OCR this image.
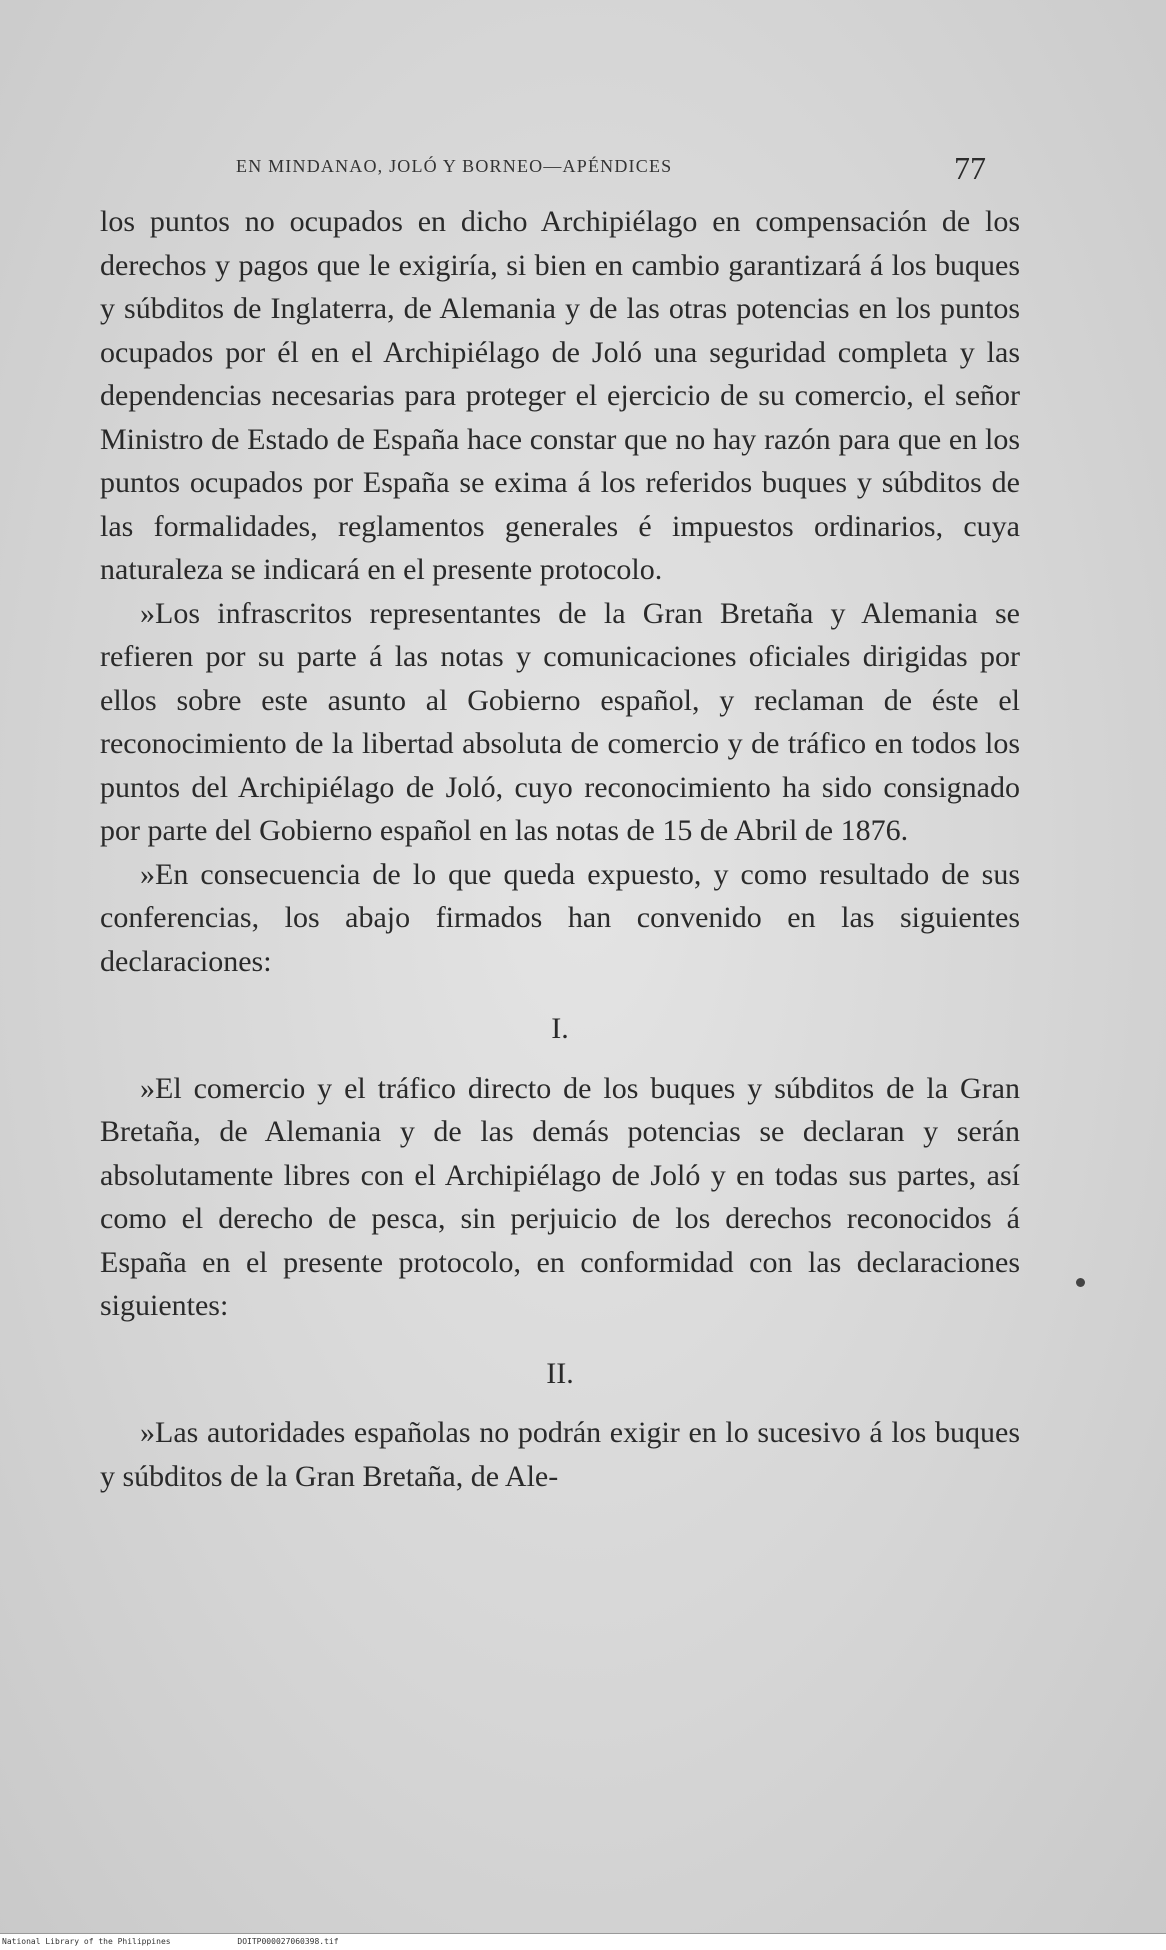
EN MINDANAO, JOLÓ Y BORNEO—APÉNDICES	77

los puntos no ocupados en dicho Archipiélago en compensación de los derechos y pagos que le exigiría, si bien en cambio garantizará á los buques y súbditos de Inglaterra, de Alemania y de las otras potencias en los puntos ocupados por él en el Archipiélago de Joló una seguridad completa y las dependencias necesarias para proteger el ejercicio de su comercio, el señor Ministro de Estado de España hace constar que no hay razón para que en los puntos ocupados por España se exima á los referidos buques y súbditos de las formalidades, reglamentos generales é impuestos ordinarios, cuya naturaleza se indicará en el presente protocolo.

»Los infrascritos representantes de la Gran Bretaña y Alemania se refieren por su parte á las notas y comunicaciones oficiales dirigidas por ellos sobre este asunto al Gobierno español, y reclaman de éste el reconocimiento de la libertad absoluta de comercio y de tráfico en todos los puntos del Archipiélago de Joló, cuyo reconocimiento ha sido consignado por parte del Gobierno español en las notas de 15 de Abril de 1876.

»En consecuencia de lo que queda expuesto, y como resultado de sus conferencias, los abajo firmados han convenido en las siguientes declaraciones:

I.

»El comercio y el tráfico directo de los buques y súbditos de la Gran Bretaña, de Alemania y de las demás potencias se declaran y serán absolutamente libres con el Archipiélago de Joló y en todas sus partes, así como el derecho de pesca, sin perjuicio de los derechos reconocidos á España en el presente protocolo, en conformidad con las declaraciones siguientes:

II.

»Las autoridades españolas no podrán exigir en lo sucesivo á los buques y súbditos de la Gran Bretaña, de Ale-

National Library of the Philippines	DOITP000027060398.tif
